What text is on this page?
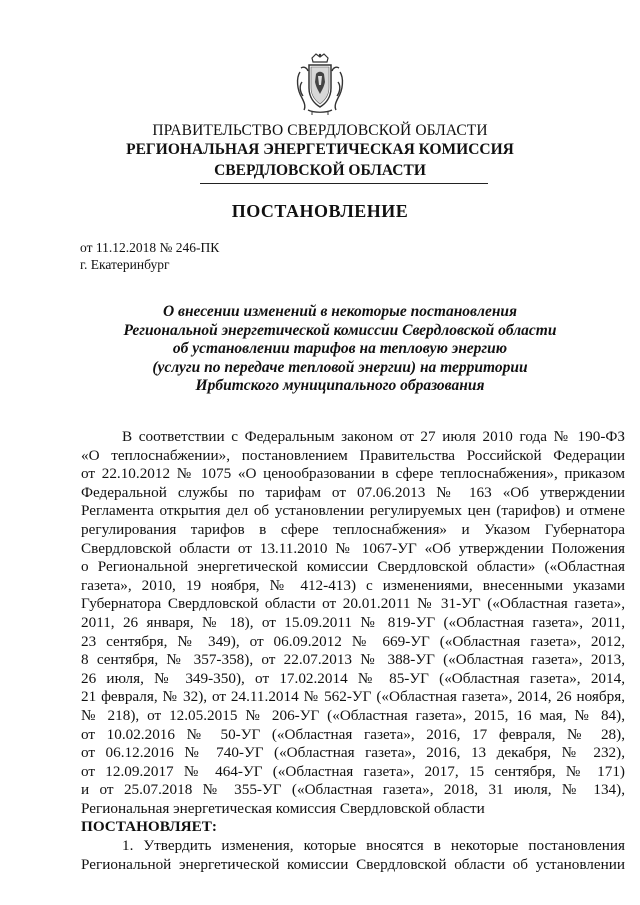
ПРАВИТЕЛЬСТВО СВЕРДЛОВСКОЙ ОБЛАСТИ
РЕГИОНАЛЬНАЯ ЭНЕРГЕТИЧЕСКАЯ КОМИССИЯ
СВЕРДЛОВСКОЙ ОБЛАСТИ
ПОСТАНОВЛЕНИЕ
от 11.12.2018 № 246-ПК
г. Екатеринбург
О внесении изменений в некоторые постановления
Региональной энергетической комиссии Свердловской области
об установлении тарифов на тепловую энергию
(услуги по передаче тепловой энергии) на территории
Ирбитского муниципального образования
В соответствии с Федеральным законом от 27 июля 2010 года № 190-ФЗ
«О теплоснабжении», постановлением Правительства Российской Федерации
от 22.10.2012 № 1075 «О ценообразовании в сфере теплоснабжения», приказом
Федеральной службы по тарифам от 07.06.2013 № 163 «Об утверждении
Регламента открытия дел об установлении регулируемых цен (тарифов) и отмене
регулирования тарифов в сфере теплоснабжения» и Указом Губернатора
Свердловской области от 13.11.2010 № 1067-УГ «Об утверждении Положения
о Региональной энергетической комиссии Свердловской области» («Областная
газета», 2010, 19 ноября, № 412-413) с изменениями, внесенными указами
Губернатора Свердловской области от 20.01.2011 № 31-УГ («Областная газета»,
2011, 26 января, № 18), от 15.09.2011 № 819-УГ («Областная газета», 2011,
23 сентября, № 349), от 06.09.2012 № 669-УГ («Областная газета», 2012,
8 сентября, № 357-358), от 22.07.2013 № 388-УГ («Областная газета», 2013,
26 июля, № 349-350), от 17.02.2014 № 85-УГ («Областная газета», 2014,
21 февраля, № 32), от 24.11.2014 № 562-УГ («Областная газета», 2014, 26 ноября,
№ 218), от 12.05.2015 № 206-УГ («Областная газета», 2015, 16 мая, № 84),
от 10.02.2016 № 50-УГ («Областная газета», 2016, 17 февраля, № 28),
от 06.12.2016 № 740-УГ («Областная газета», 2016, 13 декабря, № 232),
от 12.09.2017 № 464-УГ («Областная газета», 2017, 15 сентября, № 171)
и от 25.07.2018 № 355-УГ («Областная газета», 2018, 31 июля, № 134),
Региональная энергетическая комиссия Свердловской области
ПОСТАНОВЛЯЕТ:
1. Утвердить изменения, которые вносятся в некоторые постановления
Региональной энергетической комиссии Свердловской области об установлении
